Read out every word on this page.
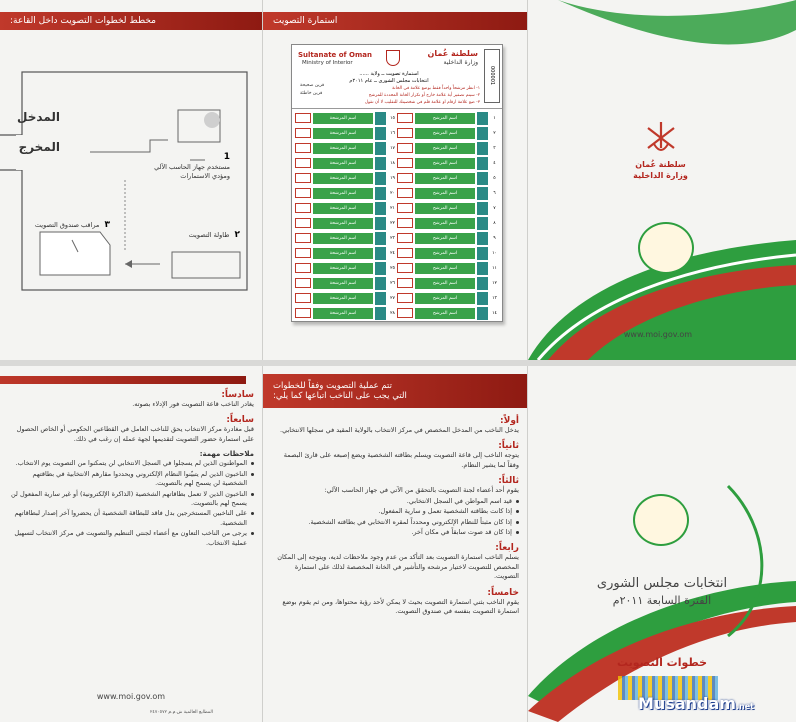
مخطط لخطوات التصويت داخل القاعة:
المدخل
المخرج
1
مستخدم جهاز الحاسب الآلي
ومؤدي الاستمارات
٢ طاولة التصويت
٣ مراقب صندوق التصويت
استمارة التصويت
Sultanate of Oman
Ministry of Interior
سلطنة عُمان
وزارة الداخلية
000001
استمارة تصويت ــ ولاية ......
انتخابات مجلس الشورى ــ عام ٢٠١١م
١- انظر مرشحاً واحداً فقط بوضع علامة في الخانة
٢- سيتم تصفير أية علامة خارج أو تكرار الخانة المحددة للمرشح
٣- ضع علامة ارقام او علامة قلم في شخصيتك للتقليب لا أن تقول
قرين صحيحة
قرين خاطئة
١
اسم المرشح
١٥
اسم المرشحة
٢
اسم المرشح
١٦
اسم المرشحة
٣
اسم المرشح
١٧
اسم المرشحة
٤
اسم المرشح
١٨
اسم المرشحة
٥
اسم المرشح
١٩
اسم المرشحة
٦
اسم المرشح
٢٠
اسم المرشحة
٧
اسم المرشح
٢١
اسم المرشحة
٨
اسم المرشح
٢٢
اسم المرشحة
٩
اسم المرشح
٢٣
اسم المرشحة
١٠
اسم المرشح
٢٤
اسم المرشحة
١١
اسم المرشح
٢٥
اسم المرشحة
١٢
اسم المرشح
٢٦
اسم المرشحة
١٣
اسم المرشح
٢٧
اسم المرشحة
١٤
اسم المرشح
٢٨
اسم المرشحة
سلطنة عُمان
وزارة الداخلية
www.moi.gov.om
سادساً:
يغادر الناخب قاعة التصويت فور الإدلاء بصوته.
سابعاً:
قبل مغادرة مركز الانتخاب يحق للناخب العامل في القطاعين الحكومي أو الخاص الحصول على استمارة حضور التصويت لتقديمها لجهة عمله إن رغب في ذلك.
ملاحظات مهمة:
المواطنون الذين لم يسجلوا في السجل الانتخابي لن يتمكنوا من التصويت يوم الانتخاب.
الناخبون الذين لم يتبيّنوا النظام الإلكتروني ويحددوا مقارهم الانتخابية في بطاقتهم الشخصية لن يسمح لهم بالتصويت.
الناخبون الذين لا تعمل بطاقاتهم الشخصية (الذاكرة الإلكترونية) أو غير سارية المفعول لن يسمح لهم بالتصويت.
على الناخبين المستخرجين بدل فاقد للبطاقة الشخصية أن يحضروا آخر إصدار لبطاقاتهم الشخصية.
يرجى من الناخب التعاون مع أعضاء لجنتي التنظيم والتصويت في مركز الانتخاب لتسهيل عملية الانتخاب.
www.moi.gov.om
المطابع العالمية ش.م.م ٢٤٧٠٥٧٢
تتم عملية التصويت وفقاً للخطوات
التي يجب على الناخب اتباعها كما يلي:
أولاً:
يدخل الناخب من المدخل المخصص في مركز الانتخاب بالولاية المقيد في سجلها الانتخابي.
ثانياً:
يتوجه الناخب إلى قاعة التصويت ويسلم بطاقته الشخصية ويضع إصبعه على قارئ البصمة وفقاً لما يشير النظام.
ثالثاً:
يقوم أحد أعضاء لجنة التصويت بالتحقق من الآتي في جهاز الحاسب الآلي:
قيد اسم المواطن في السجل الانتخابي.
إذا كانت بطاقته الشخصية تعمل و سارية المفعول.
إذا كان مثبتاً للنظام الإلكتروني ومحدداً لمقره الانتخابي في بطاقته الشخصية.
إذا كان قد صوت سابقاً في مكان آخر.
رابعاً:
يسلم الناخب استمارة التصويت بعد التأكد من عدم وجود ملاحظات لديه، ويتوجه إلى المكان المخصص للتصويت لاختيار مرشحه والتأشير في الخانة المخصصة لذلك على استمارة التصويت.
خامساً:
يقوم الناخب بثني استمارة التصويت بحيث لا يمكن لأحد رؤية محتواها، ومن ثم يقوم بوضع استمارة التصويت بنفسه في صندوق التصويت.
انتخابات مجلس الشورى
الفترة السابعة ٢٠١١م
خطوات التصويت
Musandam.net
